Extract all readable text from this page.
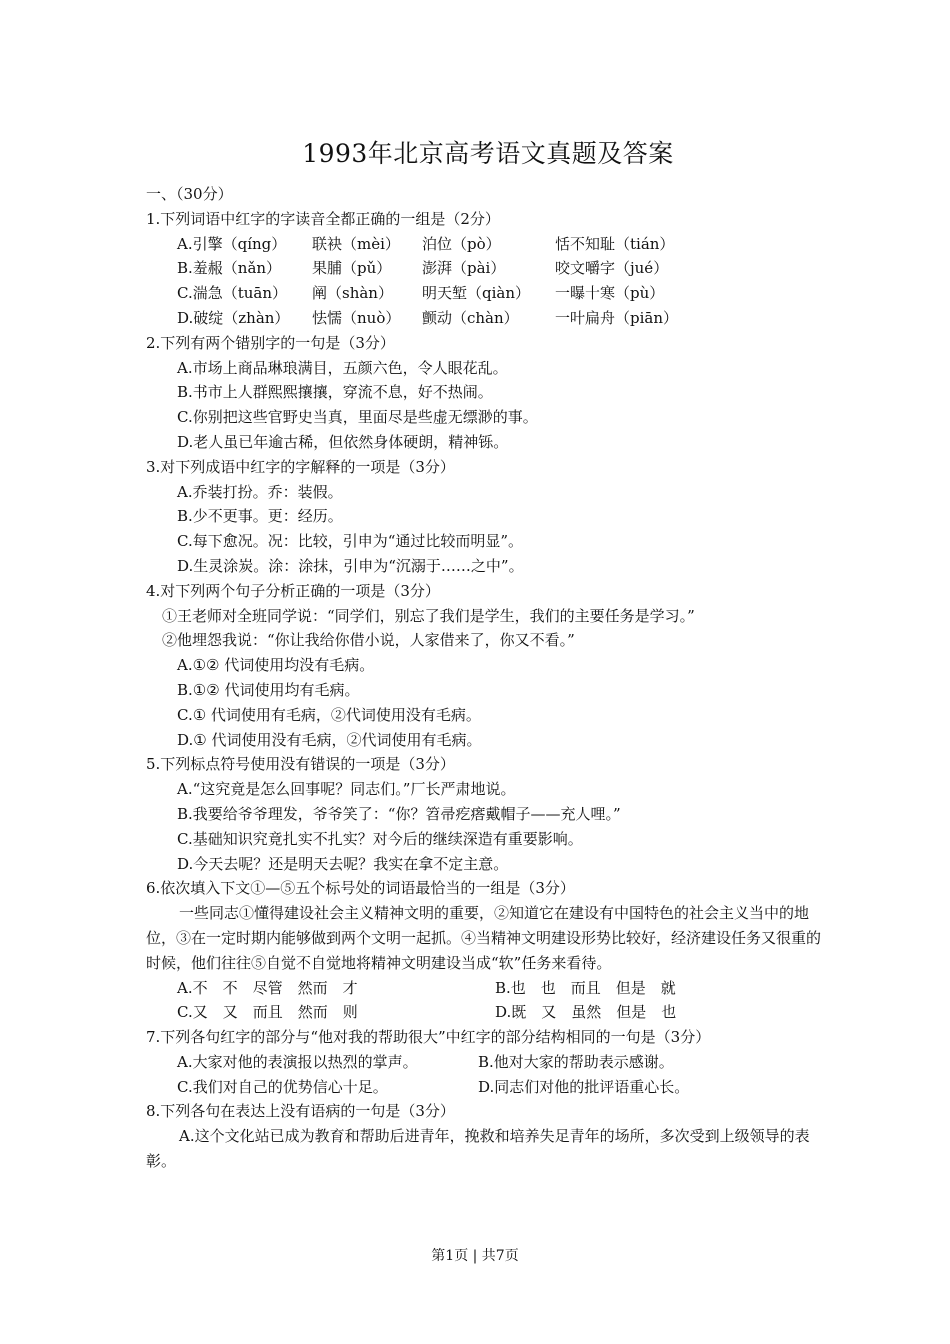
1993年北京高考语文真题及答案
一、（30分）
1.下列词语中红字的字读音全都正确的一组是（2分）
A.引擎（qíng）	联袂（mèi）	泊位（pò）	恬不知耻（tián）
B.羞赧（nǎn）	果脯（pǔ）	澎湃（pài）	咬文嚼字（jué）
C.湍急（tuān）	阐（shàn）	明天堑（qiàn）	一曝十寒（pù）
D.破绽（zhàn）	怯懦（nuò）	颤动（chàn）	一叶扁舟（piān）
2.下列有两个错别字的一句是（3分）
A.市场上商品琳琅满目，五颜六色，令人眼花乱。
B.书市上人群熙熙攘攘，穿流不息，好不热闹。
C.你别把这些官野史当真，里面尽是些虚无缥渺的事。
D.老人虽已年逾古稀，但依然身体硬朗，精神铄。
3.对下列成语中红字的字解释的一项是（3分）
A.乔装打扮。乔：装假。
B.少不更事。更：经历。
C.每下愈况。况：比较，引申为“通过比较而明显”。
D.生灵涂炭。涂：涂抹，引申为“沉溺于……之中”。
4.对下列两个句子分析正确的一项是（3分）
①王老师对全班同学说：“同学们，别忘了我们是学生，我们的主要任务是学习。”
②他埋怨我说：“你让我给你借小说，人家借来了，你又不看。”
A.①② 代词使用均没有毛病。
B.①② 代词使用均有毛病。
C.① 代词使用有毛病，②代词使用没有毛病。
D.① 代词使用没有毛病，②代词使用有毛病。
5.下列标点符号使用没有错误的一项是（3分）
A.“这究竟是怎么回事呢？同志们。”厂长严肃地说。
B.我要给爷爷理发，爷爷笑了：“你？笤帚疙瘩戴帽子——充人哩。”
C.基础知识究竟扎实不扎实？对今后的继续深造有重要影响。
D.今天去呢？还是明天去呢？我实在拿不定主意。
6.依次填入下文①—⑤五个标号处的词语最恰当的一组是（3分）
一些同志①懂得建设社会主义精神文明的重要，②知道它在建设有中国特色的社会主义当中的地位，③在一定时期内能够做到两个文明一起抓。④当精神文明建设形势比较好，经济建设任务又很重的时候，他们往往⑤自觉不自觉地将精神文明建设当成“软”任务来看待。
A.不　不　尽管　然而　才	B.也　也　而且　但是　就
C.又　又　而且　然而　则	D.既　又　虽然　但是　也
7.下列各句红字的部分与“他对我的帮助很大”中红字的部分结构相同的一句是（3分）
A.大家对他的表演报以热烈的掌声。	B.他对大家的帮助表示感谢。
C.我们对自己的优势信心十足。	D.同志们对他的批评语重心长。
8.下列各句在表达上没有语病的一句是（3分）
A.这个文化站已成为教育和帮助后进青年，挽救和培养失足青年的场所，多次受到上级领导的表彰。
第1页 | 共7页
